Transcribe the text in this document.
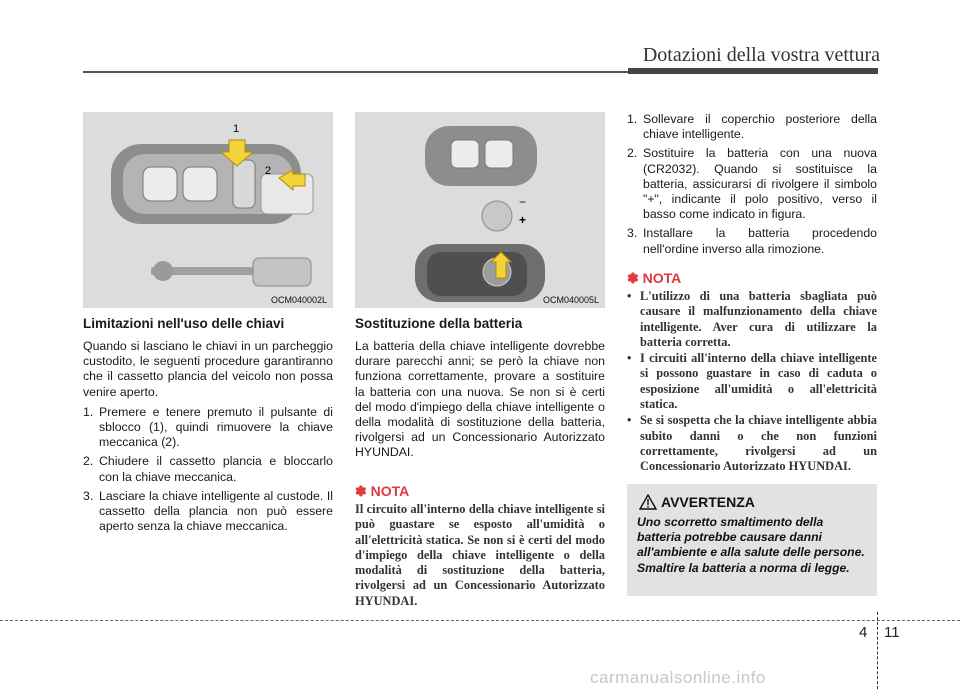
Dotazioni della vostra vettura
1
2
OCM040002L
−
+
OCM040005L
Limitazioni nell'uso delle chiavi

Quando si lasciano le chiavi in un parcheggio custodito, le seguenti procedure garantiranno che il cassetto plancia del veicolo non possa venire aperto.

1. Premere e tenere premuto il pulsante di sblocco (1), quindi rimuovere la chiave meccanica (2).
2. Chiudere il cassetto plancia e bloccarlo con la chiave meccanica.
3. Lasciare la chiave intelligente al custode. Il cassetto della plancia non può essere aperto senza la chiave meccanica.
Sostituzione della batteria

La batteria della chiave intelligente dovrebbe durare parecchi anni; se però la chiave non funziona correttamente, provare a sostituire la batteria con una nuova. Se non si è certi del modo d'impiego della chiave intelligente o della modalità di sostituzione della batteria, rivolgersi ad un Concessionario Autorizzato HYUNDAI.

✽ NOTA
Il circuito all'interno della chiave intelligente si può guastare se esposto all'umidità o all'elettricità statica. Se non si è certi del modo d'impiego della chiave intelligente o della modalità di sostituzione della batteria, rivolgersi ad un Concessionario Autorizzato HYUNDAI.
1. Sollevare il coperchio posteriore della chiave intelligente.
2. Sostituire la batteria con una nuova (CR2032). Quando si sostituisce la batteria, assicurarsi di rivolgere il simbolo "+", indicante il polo positivo, verso il basso come indicato in figura.
3. Installare la batteria procedendo nell'ordine inverso alla rimozione.
✽ NOTA
• L'utilizzo di una batteria sbagliata può causare il malfunzionamento della chiave intelligente. Aver cura di utilizzare la batteria corretta.
• I circuiti all'interno della chiave intelligente si possono guastare in caso di caduta o esposizione all'umidità o all'elettricità statica.
• Se si sospetta che la chiave intelligente abbia subito danni o che non funzioni correttamente, rivolgersi ad un Concessionario Autorizzato HYUNDAI.
AVVERTENZA
Uno scorretto smaltimento della batteria potrebbe causare danni all'ambiente e alla salute delle persone. Smaltire la batteria a norma di legge.
4 11
carmanualsonline.info
